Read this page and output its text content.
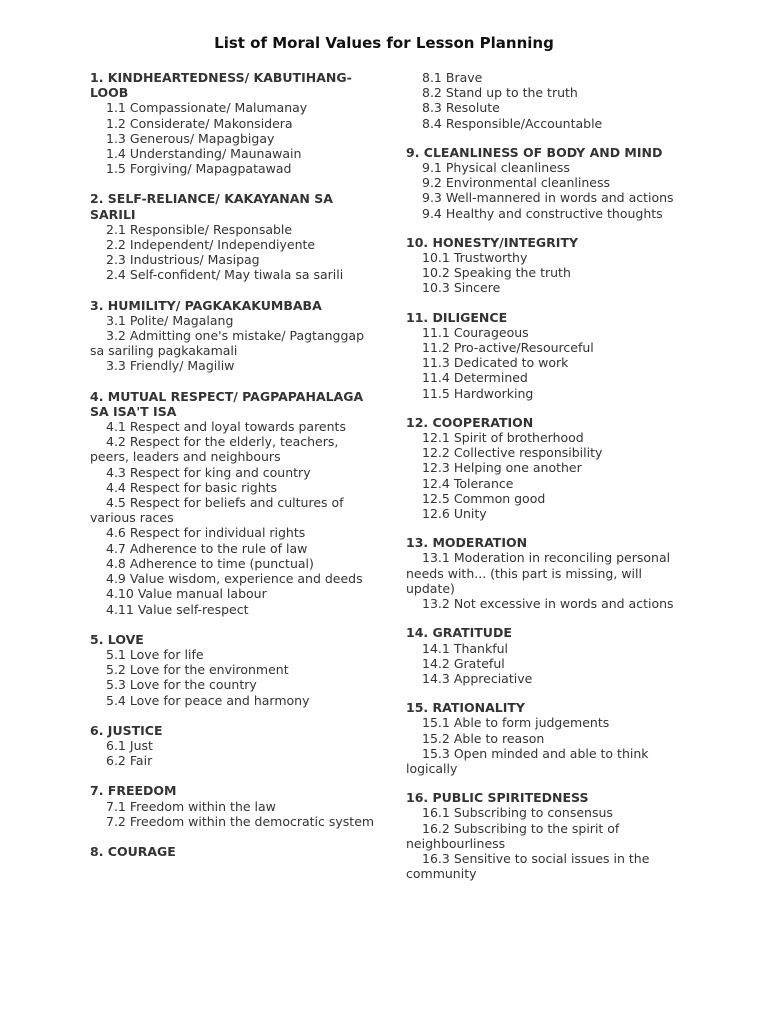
List of Moral Values for Lesson Planning
1. KINDHEARTEDNESS/ KABUTIHANG-LOOB
1.1 Compassionate/ Malumanay
1.2 Considerate/ Makonsidera
1.3 Generous/ Mapagbigay
1.4 Understanding/ Maunawain
1.5 Forgiving/ Mapagpatawad
2. SELF-RELIANCE/ KAKAYANAN SA SARILI
2.1 Responsible/ Responsable
2.2 Independent/ Independiyente
2.3 Industrious/ Masipag
2.4 Self-confident/ May tiwala sa sarili
3. HUMILITY/ PAGKAKAKUMBABA
3.1 Polite/ Magalang
3.2 Admitting one's mistake/ Pagtanggap sa sariling pagkakamali
3.3 Friendly/ Magiliw
4. MUTUAL RESPECT/ PAGPAPAHALAGA SA ISA'T ISA
4.1 Respect and loyal towards parents
4.2 Respect for the elderly, teachers, peers, leaders and neighbours
4.3 Respect for king and country
4.4 Respect for basic rights
4.5 Respect for beliefs and cultures of various races
4.6 Respect for individual rights
4.7 Adherence to the rule of law
4.8 Adherence to time (punctual)
4.9 Value wisdom, experience and deeds
4.10 Value manual labour
4.11 Value self-respect
5. LOVE
5.1 Love for life
5.2 Love for the environment
5.3 Love for the country
5.4 Love for peace and harmony
6. JUSTICE
6.1 Just
6.2 Fair
7. FREEDOM
7.1 Freedom within the law
7.2 Freedom within the democratic system
8. COURAGE
8.1 Brave
8.2 Stand up to the truth
8.3 Resolute
8.4 Responsible/Accountable
9. CLEANLINESS OF BODY AND MIND
9.1 Physical cleanliness
9.2 Environmental cleanliness
9.3 Well-mannered in words and actions
9.4 Healthy and constructive thoughts
10. HONESTY/INTEGRITY
10.1 Trustworthy
10.2 Speaking the truth
10.3 Sincere
11. DILIGENCE
11.1 Courageous
11.2 Pro-active/Resourceful
11.3 Dedicated to work
11.4 Determined
11.5 Hardworking
12. COOPERATION
12.1 Spirit of brotherhood
12.2 Collective responsibility
12.3 Helping one another
12.4 Tolerance
12.5 Common good
12.6 Unity
13. MODERATION
13.1 Moderation in reconciling personal needs with... (this part is missing, will update)
13.2 Not excessive in words and actions
14. GRATITUDE
14.1 Thankful
14.2 Grateful
14.3 Appreciative
15. RATIONALITY
15.1 Able to form judgements
15.2 Able to reason
15.3 Open minded and able to think logically
16. PUBLIC SPIRITEDNESS
16.1 Subscribing to consensus
16.2 Subscribing to the spirit of neighbourliness
16.3 Sensitive to social issues in the community
